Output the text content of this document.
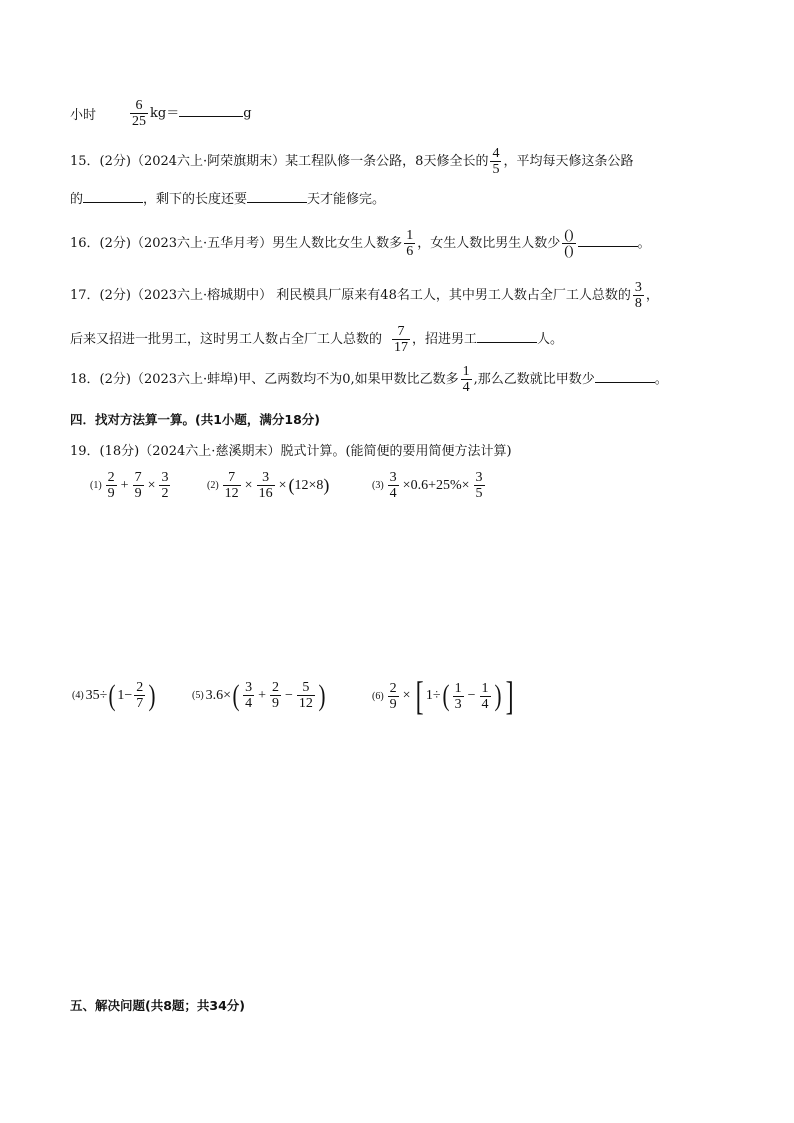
小时 $\frac{6}{25} kg=$	g
15．(2分)（2024六上·阿荣旗期末）某工程队修一条公路，8天修全长的 $\frac{4}{5}$ ，平均每天修这条公路
的	，剩下的长度还要	天才能修完。
16．(2分)（2023六上·五华月考）男生人数比女生人数多 $\frac{1}{6}$ ，女生人数比男生人数少 $\frac{()}{()}$	。
17．(2分)（2023六上·榕城期中） 利民模具厂原来有48名工人，其中男工人数占全厂工人总数的 $\frac{3}{8}$ ，
后来又招进一批男工，这时男工人数占全厂工人总数的 $\frac{7}{17}$ ，招进男工	人。
18．(2分)（2023六上·蚌埠)甲、乙两数均不为0,如果甲数比乙数多 $\frac{1}{4}$ ,那么乙数就比甲数少	。
四．找对方法算一算。(共1小题，满分18分)
19．(18分)（2024六上·慈溪期末）脱式计算。(能简便的要用简便方法计算)
$(1) \frac{2}{9} + \frac{7}{9} \times \frac{3}{2}$	$(2) \frac{7}{12} \times \frac{3}{16}$ × ( 12×8 )	$(3) \frac{3}{4} \times 0.6+25\%\times \frac{3}{5}$
(4) 35÷ ( $1- \frac{2}{7}$ )	(5) 3.6× ( $\frac{3}{4} + \frac{2}{9} - \frac{5}{12}$ )	$(6) \frac{2}{9}$ × [ 1÷ ( $\frac{1}{3} - \frac{1}{4}$ ) ]
五、解决问题(共8题；共34分)
